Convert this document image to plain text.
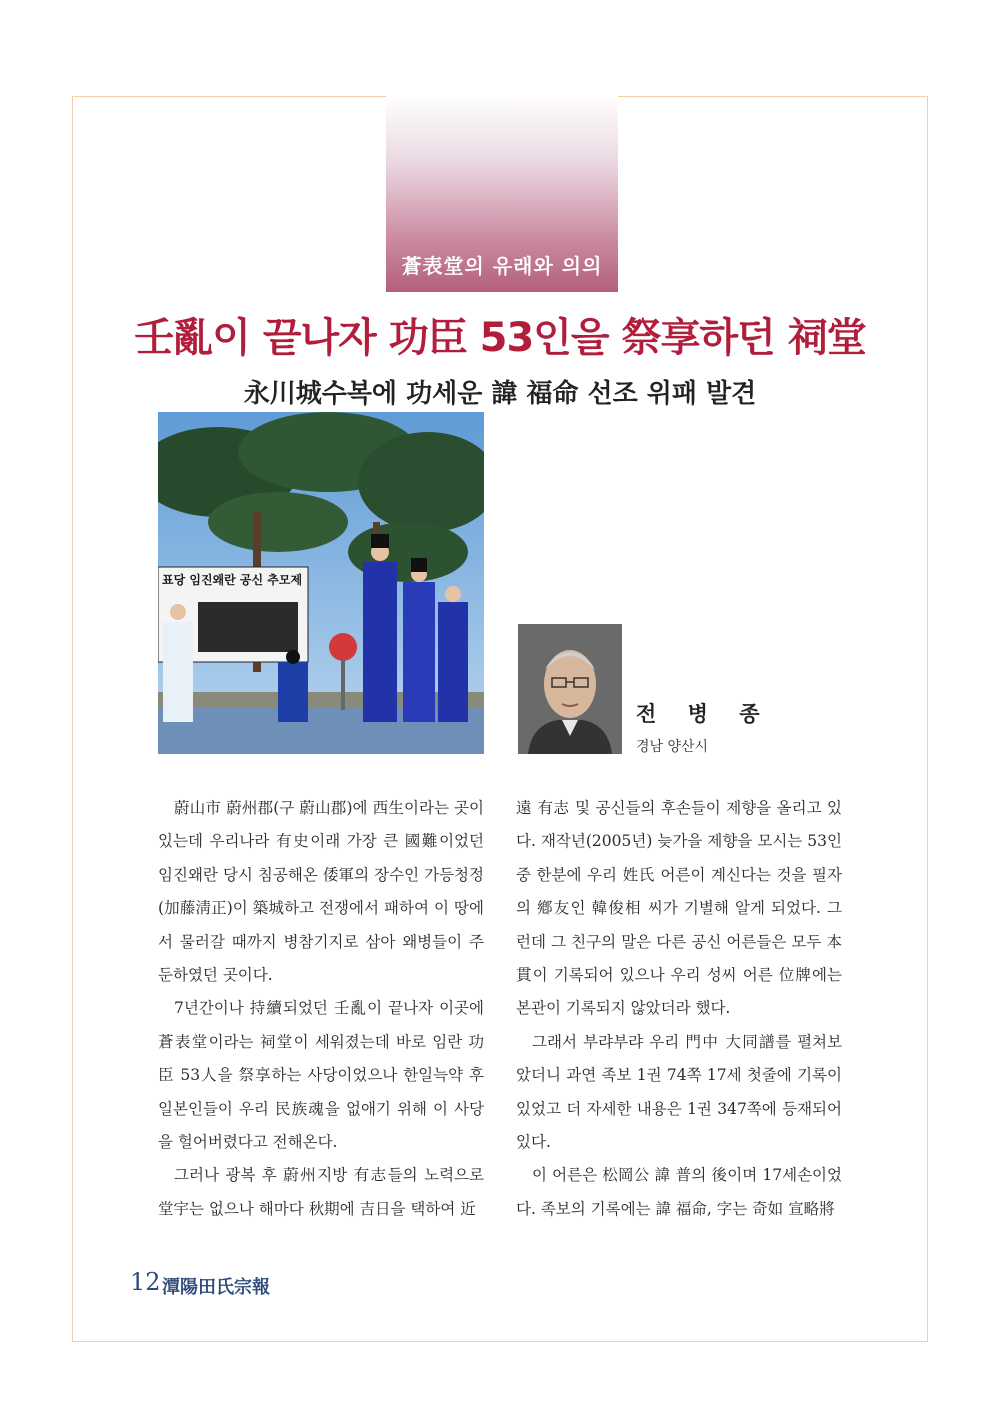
蒼表堂의 유래와 의의
壬亂이 끝나자 功臣 53인을 祭享하던 祠堂
永川城수복에 功세운 諱 福命 선조 위패 발견
표당 임진왜란 공신 추모제
전 병 종
경남 양산시

蔚山市 蔚州郡(구 蔚山郡)에 西生이라는 곳이 있는데 우리나라 有史이래 가장 큰 國難이었던 임진왜란 당시 침공해온 倭軍의 장수인 가등청정(加藤淸正)이 築城하고 전쟁에서 패하여 이 땅에서 물러갈 때까지 병참기지로 삼아 왜병들이 주둔하였던 곳이다.

7년간이나 持續되었던 壬亂이 끝나자 이곳에 蒼表堂이라는 祠堂이 세워졌는데 바로 임란 功臣 53人을 祭享하는 사당이었으나 한일늑약 후 일본인들이 우리 民族魂을 없애기 위해 이 사당을 헐어버렸다고 전해온다.

그러나 광복 후 蔚州지방 有志들의 노력으로 堂宇는 없으나 해마다 秋期에 吉日을 택하여 近

遠 有志 및 공신들의 후손들이 제향을 올리고 있다. 재작년(2005년) 늦가을 제향을 모시는 53인중 한분에 우리 姓氏 어른이 계신다는 것을 필자의 鄕友인 韓俊相 씨가 기별해 알게 되었다. 그런데 그 친구의 말은 다른 공신 어른들은 모두 本貫이 기록되어 있으나 우리 성씨 어른 位牌에는 본관이 기록되지 않았더라 했다.

그래서 부랴부랴 우리 門中 大同譜를 펼쳐보았더니 과연 족보 1권 74쪽 17세 첫줄에 기록이 있었고 더 자세한 내용은 1권 347쪽에 등재되어 있다.

이 어른은 松岡公 諱 普의 後이며 17세손이었다. 족보의 기록에는 諱 福命, 字는 奇如 宣略將

12 潭陽田氏宗報
